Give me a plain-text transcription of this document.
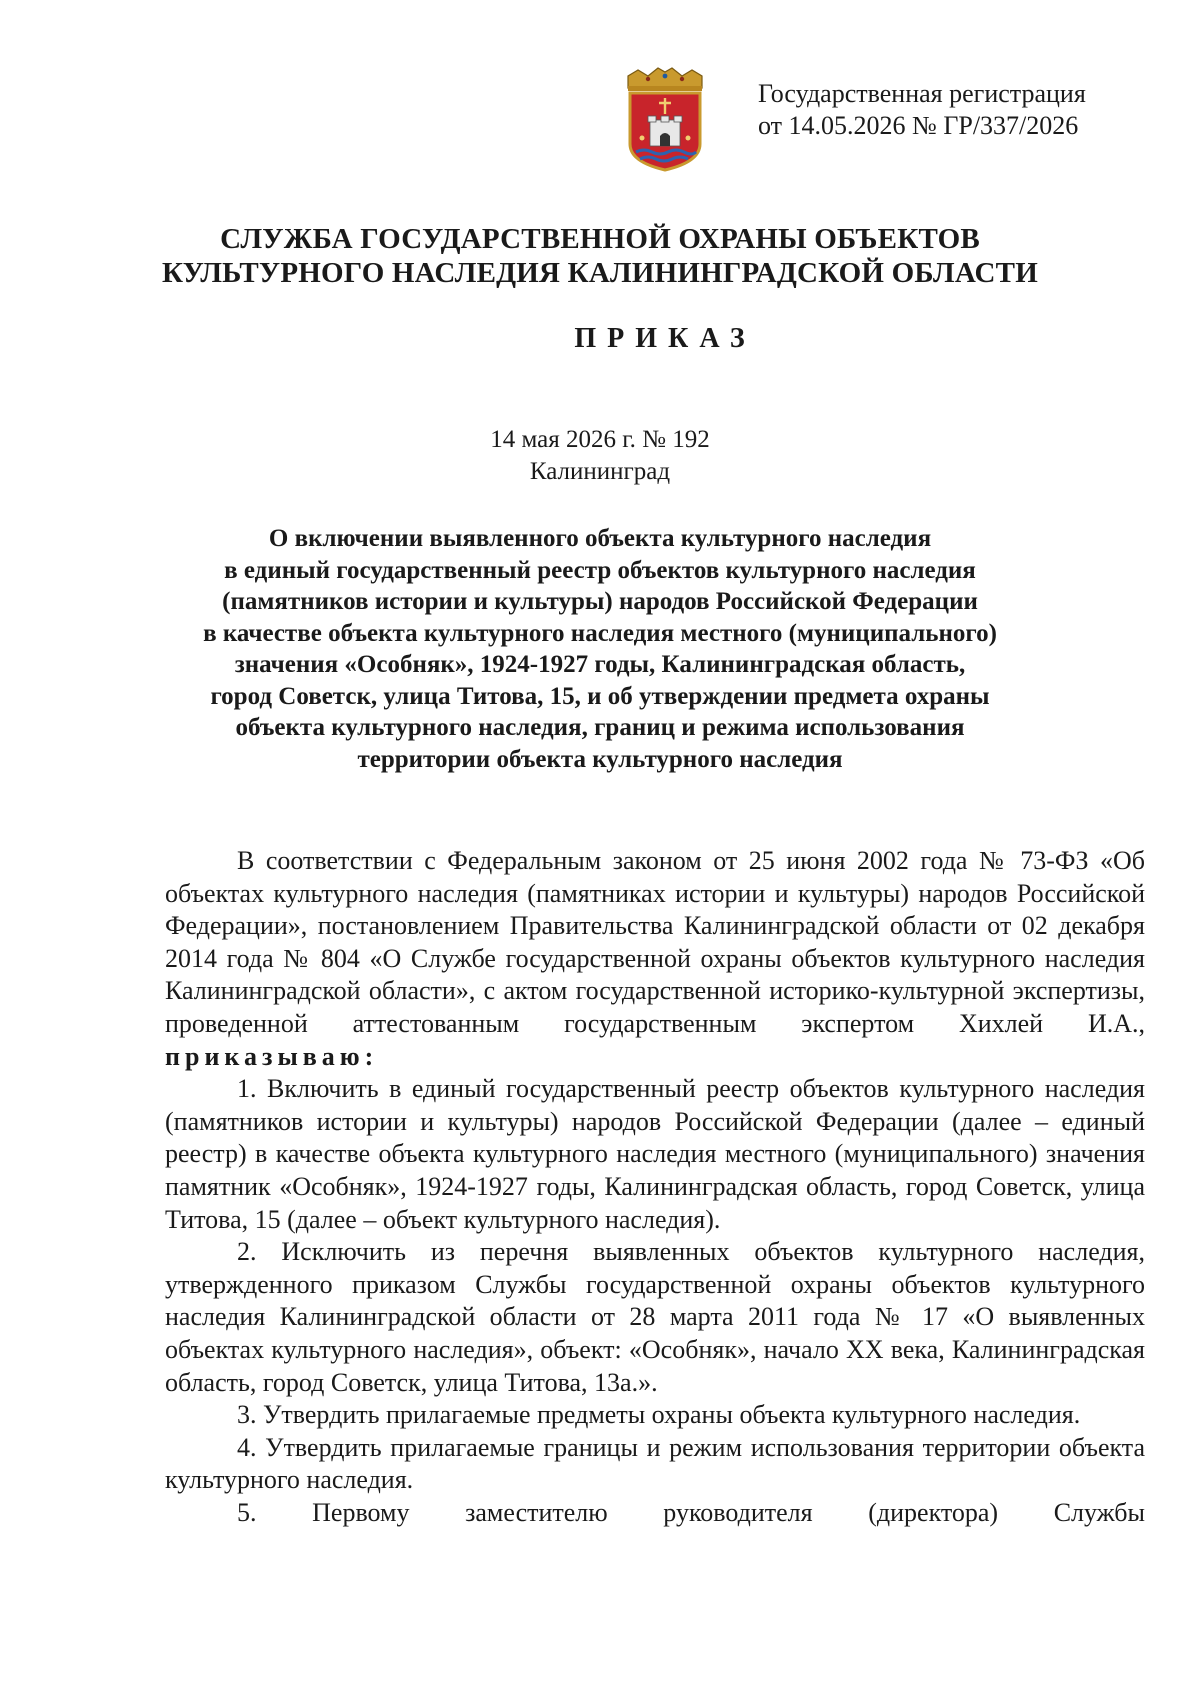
Государственная регистрация
от 14.05.2026 № ГР/337/2026
СЛУЖБА ГОСУДАРСТВЕННОЙ ОХРАНЫ ОБЪЕКТОВ
КУЛЬТУРНОГО НАСЛЕДИЯ КАЛИНИНГРАДСКОЙ ОБЛАСТИ
ПРИКАЗ
14 мая 2026 г. № 192
Калининград
О включении выявленного объекта культурного наследия
в единый государственный реестр объектов культурного наследия
(памятников истории и культуры) народов Российской Федерации
в качестве объекта культурного наследия местного (муниципального)
значения «Особняк», 1924-1927 годы, Калининградская область,
город Советск, улица Титова, 15, и об утверждении предмета охраны
объекта культурного наследия, границ и режима использования
территории объекта культурного наследия

В соответствии с Федеральным законом от 25 июня 2002 года № 73-ФЗ «Об объектах культурного наследия (памятниках истории и культуры) народов Российской Федерации», постановлением Правительства Калининградской области от 02 декабря 2014 года № 804 «О Службе государственной охраны объектов культурного наследия Калининградской области», с актом государственной историко-культурной экспертизы, проведенной аттестованным государственным экспертом Хихлей И.А., приказываю:

1. Включить в единый государственный реестр объектов культурного наследия (памятников истории и культуры) народов Российской Федерации (далее – единый реестр) в качестве объекта культурного наследия местного (муниципального) значения памятник «Особняк», 1924-1927 годы, Калининградская область, город Советск, улица Титова, 15 (далее – объект культурного наследия).

2. Исключить из перечня выявленных объектов культурного наследия, утвержденного приказом Службы государственной охраны объектов культурного наследия Калининградской области от 28 марта 2011 года № 17 «О выявленных объектах культурного наследия», объект: «Особняк», начало XX века, Калининградская область, город Советск, улица Титова, 13а.».

3. Утвердить прилагаемые предметы охраны объекта культурного наследия.

4. Утвердить прилагаемые границы и режим использования территории объекта культурного наследия.

5. Первому заместителю руководителя (директора) Службы
